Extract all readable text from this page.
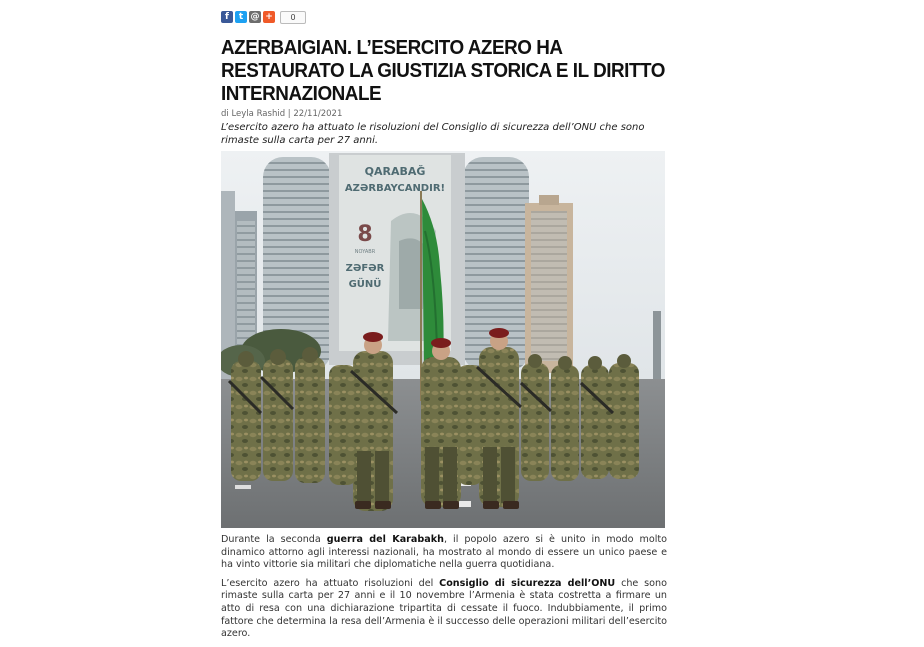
f	t @ +	0
AZERBAIGIAN. L’ESERCITO AZERO HA RESTAURATO LA GIUSTIZIA STORICA E IL DIRITTO INTERNAZIONALE
di Leyla Rashid | 22/11/2021
L’esercito azero ha attuato le risoluzioni del Consiglio di sicurezza dell’ONU che sono rimaste sulla carta per 27 anni.
QARABAĞ
AZƏRBAYCANDIR!
8
NOYABR
ZƏFƏR
GÜNÜ

Durante la seconda guerra del Karabakh, il popolo azero si è unito in modo molto dinamico attorno agli interessi nazionali, ha mostrato al mondo di essere un unico paese e ha vinto vittorie sia militari che diplomatiche nella guerra quotidiana.

L’esercito azero ha attuato risoluzioni del Consiglio di sicurezza dell’ONU che sono rimaste sulla carta per 27 anni e il 10 novembre l’Armenia è stata costretta a firmare un atto di resa con una dichiarazione tripartita di cessate il fuoco. Indubbiamente, il primo fattore che determina la resa dell’Armenia è il successo delle operazioni militari dell’esercito azero.
